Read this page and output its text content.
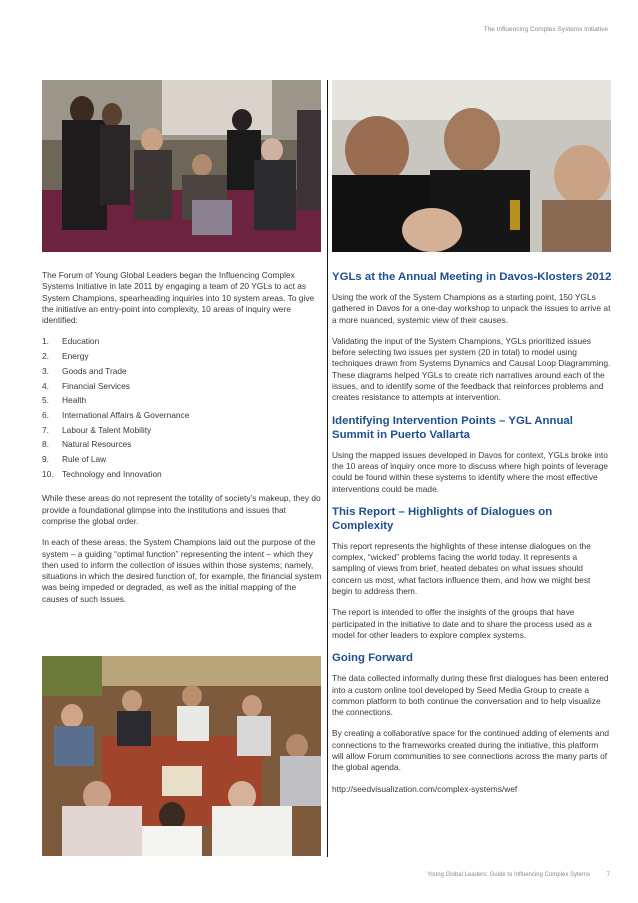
The Influencing Complex Systems Initiative

The Forum of Young Global Leaders began the Influencing Complex Systems Initiative in late 2011 by engaging a team of 20 YGLs to act as System Champions, spearheading inquiries into 10 system areas. To give the initiative an entry-point into complexity, 10 areas of inquiry were identified:

1.	Education
2.	Energy
3.	Goods and Trade
4.	Financial Services
5.	Health
6.	International Affairs & Governance
7.	Labour & Talent Mobility
8.	Natural Resources
9.	Rule of Law
10. Technology and Innovation

While these areas do not represent the totality of society’s makeup, they do provide a foundational glimpse into the institutions and issues that comprise the global order.

In each of these areas, the System Champions laid out the purpose of the system – a guiding “optimal function” representing the intent – which they then used to inform the collection of issues within those systems; namely, situations in which the desired function of, for example, the financial system was being impeded or degraded, as well as the initial mapping of the causes of such issues.

YGLs at the Annual Meeting in Davos-Klosters 2012

Using the work of the System Champions as a starting point, 150 YGLs gathered in Davos for a one-day workshop to unpack the issues to arrive at a more nuanced, systemic view of their causes.

Validating the input of the System Champions, YGLs prioritized issues before selecting two issues per system (20 in total) to model using techniques drawn from Systems Dynamics and Causal Loop Diagramming. These diagrams helped YGLs to create rich narratives around each of the issues, and to identify some of the feedback that reinforces problems and creates resistance to attempts at intervention.

Identifying Intervention Points – YGL Annual Summit in Puerto Vallarta

Using the mapped issues developed in Davos for context, YGLs broke into the 10 areas of inquiry once more to discuss where high points of leverage could be found within these systems to identify where the most effective interventions could be made.

This Report – Highlights of Dialogues on Complexity

This report represents the highlights of these intense dialogues on the complex, “wicked” problems facing the world today. It represents a sampling of views from brief, heated debates on what issues should concern us most, what factors influence them, and how we might best begin to address them.

The report is intended to offer the insights of the groups that have participated in the initiative to date and to share the process used as a model for other leaders to explore complex systems.

Going Forward

The data collected informally during these first dialogues has been entered into a custom online tool developed by Seed Media Group to create a common platform to both continue the conversation and to help visualize the connections.

By creating a collaborative space for the continued adding of elements and connections to the frameworks created during the initiative, this platform will allow Forum communities to see connections across the many parts of the global agenda.

http://seedvisualization.com/complex-systems/wef

Young Global Leaders: Guide to Influencing Complex Sytems	7
